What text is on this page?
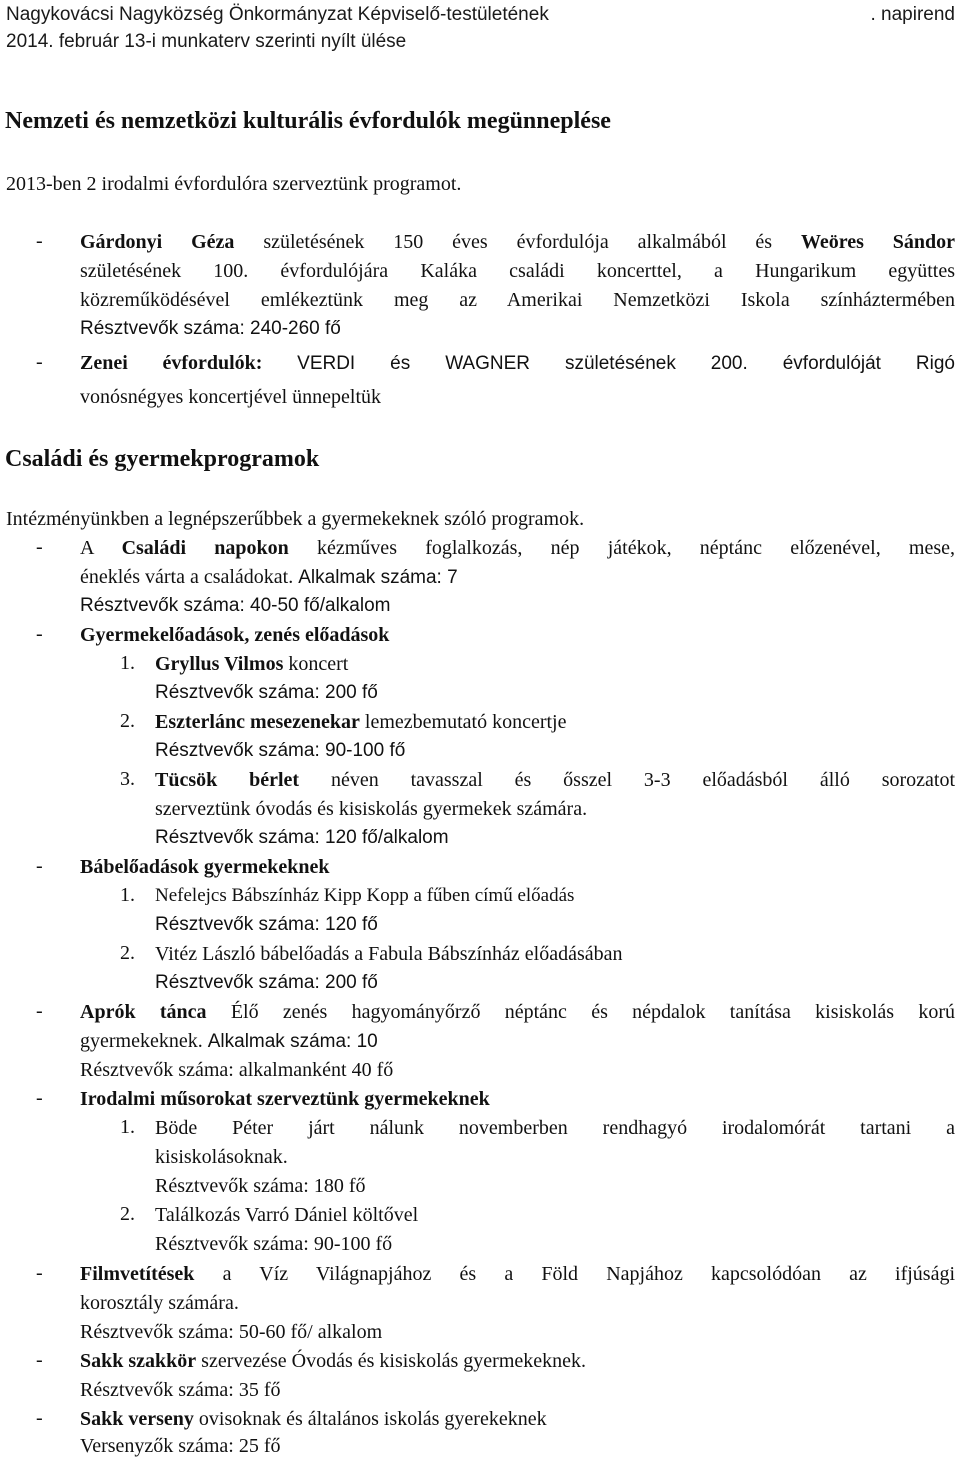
Nagykovácsi Nagyközség Önkormányzat Képviselő-testületének	. napirend
2014. február 13-i munkaterv szerinti nyílt ülése
Nemzeti és nemzetközi kulturális évfordulók megünneplése
2013-ben 2 irodalmi évfordulóra szerveztünk programot.
- Gárdonyi Géza születésének 150 éves évfordulója alkalmából és Weöres Sándor
születésének 100. évfordulójára Kaláka családi koncerttel, a Hungarikum együttes
közreműködésével emlékeztünk meg az Amerikai Nemzetközi Iskola színháztermében
Résztvevők száma: 240-260 fő
- Zenei évfordulók: VERDI és WAGNER születésének 200. évfordulóját Rigó
vonósnégyes koncertjével ünnepeltük
Családi és gyermekprogramok
Intézményünkben a legnépszerűbbek a gyermekeknek szóló programok.
- A Családi napokon kézműves foglalkozás, nép játékok, néptánc előzenével, mese,
éneklés várta a családokat. Alkalmak száma: 7
Résztvevők száma: 40-50 fő/alkalom
- Gyermekelőadások, zenés előadások
1. Gryllus Vilmos koncert
Résztvevők száma: 200 fő
2. Eszterlánc mesezenekar lemezbemutató koncertje
Résztvevők száma: 90-100 fő
3. Tücsök bérlet néven tavasszal és ősszel 3-3 előadásból álló sorozatot
szerveztünk óvodás és kisiskolás gyermekek számára.
Résztvevők száma: 120 fő/alkalom
- Bábelőadások gyermekeknek
1. Nefelejcs Bábszínház Kipp Kopp a fűben című előadás
Résztvevők száma: 120 fő
2. Vitéz László bábelőadás a Fabula Bábszínház előadásában
Résztvevők száma: 200 fő
- Aprók tánca Élő zenés hagyományőrző néptánc és népdalok tanítása kisiskolás korú
gyermekeknek. Alkalmak száma: 10
Résztvevők száma: alkalmanként 40 fő
- Irodalmi műsorokat szerveztünk gyermekeknek
1. Böde Péter járt nálunk novemberben rendhagyó irodalomórát tartani a
kisiskolásoknak.
Résztvevők száma: 180 fő
2. Találkozás Varró Dániel költővel
Résztvevők száma: 90-100 fő
- Filmvetítések a Víz Világnapjához és a Föld Napjához kapcsolódóan az ifjúsági
korosztály számára.
Résztvevők száma: 50-60 fő/ alkalom
- Sakk szakkör szervezése Óvodás és kisiskolás gyermekeknek.
Résztvevők száma: 35 fő
- Sakk verseny ovisoknak és általános iskolás gyerekeknek
Versenyzők száma: 25 fő
